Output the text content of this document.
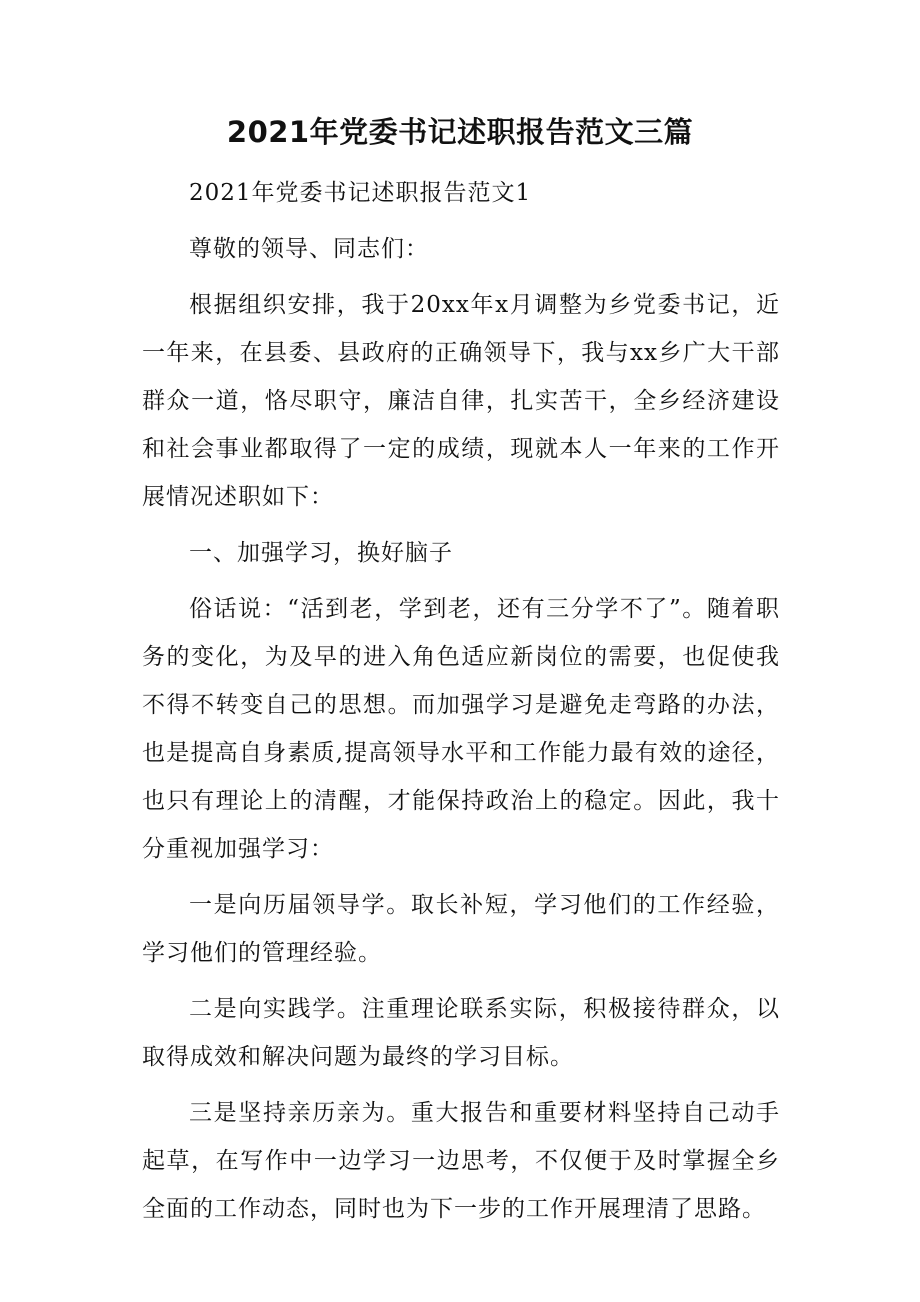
2021年党委书记述职报告范文三篇

2021年党委书记述职报告范文1

尊敬的领导、同志们：

根据组织安排，我于20xx年x月调整为乡党委书记，近一年来，在县委、县政府的正确领导下，我与xx乡广大干部群众一道，恪尽职守，廉洁自律，扎实苦干，全乡经济建设和社会事业都取得了一定的成绩，现就本人一年来的工作开展情况述职如下：

一、加强学习，换好脑子

俗话说：“活到老，学到老，还有三分学不了”。随着职务的变化，为及早的进入角色适应新岗位的需要，也促使我不得不转变自己的思想。而加强学习是避免走弯路的办法，也是提高自身素质,提高领导水平和工作能力最有效的途径，也只有理论上的清醒，才能保持政治上的稳定。因此，我十分重视加强学习：

一是向历届领导学。取长补短，学习他们的工作经验，学习他们的管理经验。

二是向实践学。注重理论联系实际，积极接待群众，以取得成效和解决问题为最终的学习目标。

三是坚持亲历亲为。重大报告和重要材料坚持自己动手起草，在写作中一边学习一边思考，不仅便于及时掌握全乡全面的工作动态，同时也为下一步的工作开展理清了思路。
